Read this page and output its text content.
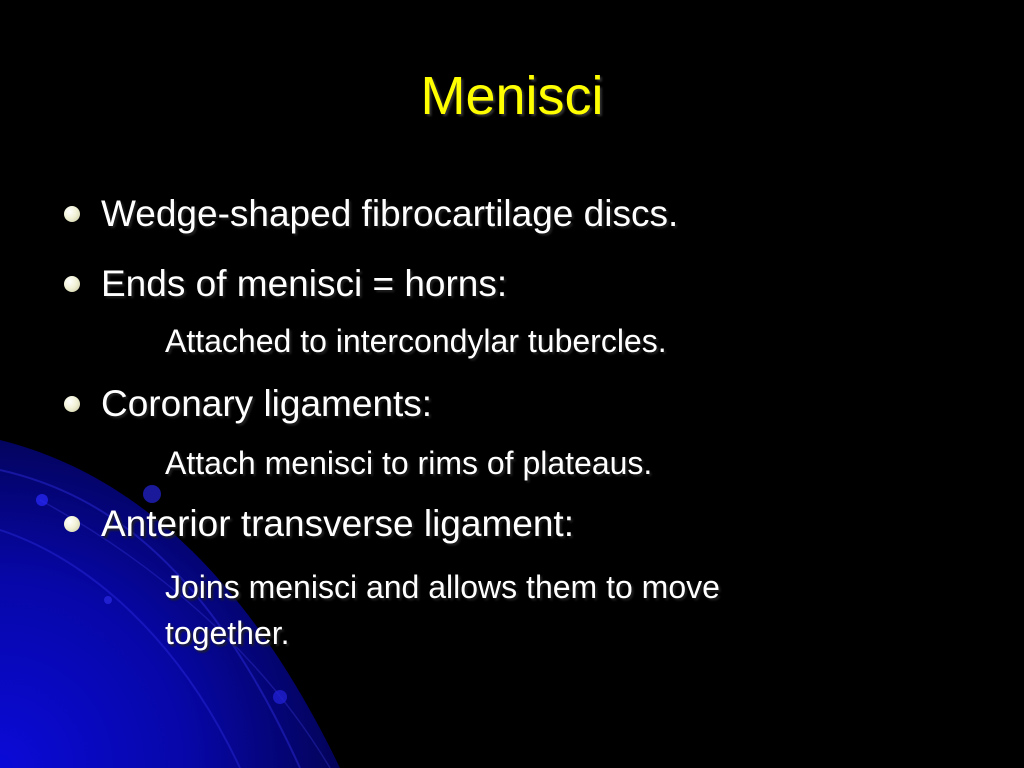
Menisci
Wedge-shaped fibrocartilage discs.
Ends of menisci = horns:
Attached to intercondylar tubercles.
Coronary ligaments:
Attach menisci to rims of plateaus.
Anterior transverse ligament:
Joins menisci and allows them to move
together.
